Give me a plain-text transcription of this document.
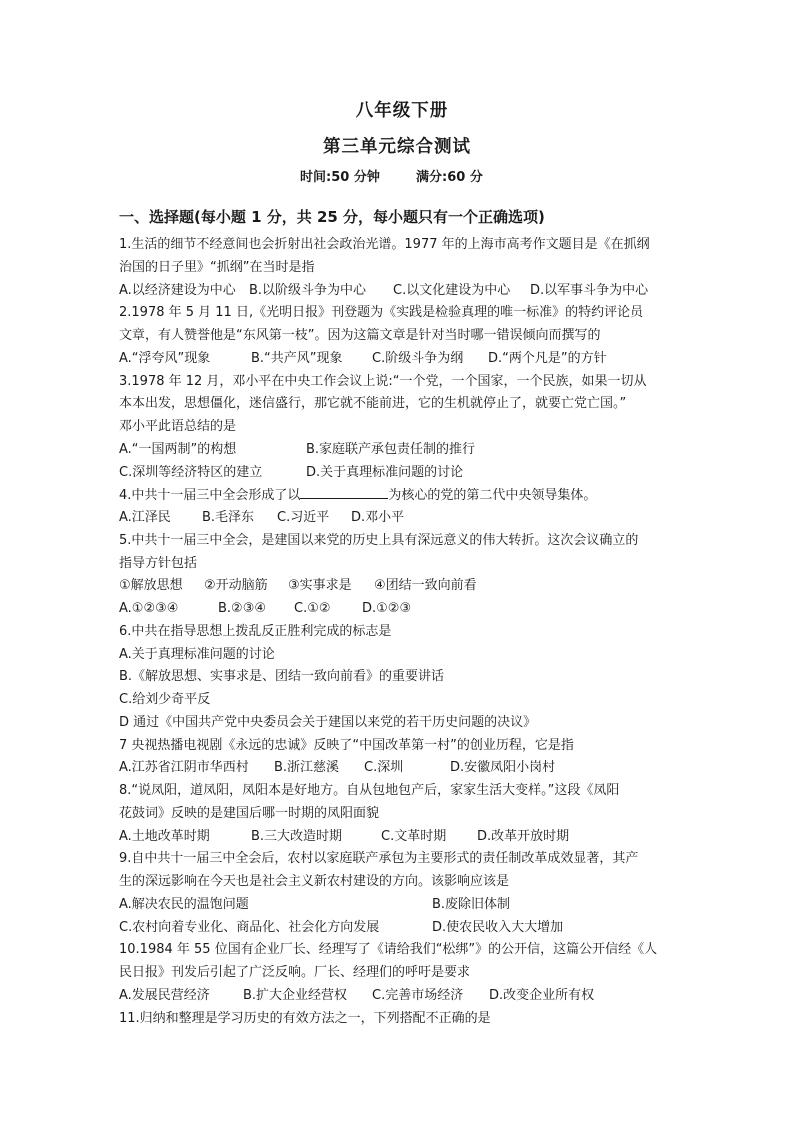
八年级下册
第三单元综合测试
时间:50 分钟	满分:60 分
一、选择题(每小题 1 分，共 25 分，每小题只有一个正确选项)
1.生活的细节不经意间也会折射出社会政治光谱。1977 年的上海市高考作文题目是《在抓纲
治国的日子里》“抓纲”在当时是指
A.以经济建设为中心 B.以阶级斗争为中心 C.以文化建设为中心 D.以军事斗争为中心
2.1978 年 5 月 11 日,《光明日报》刊登题为《实践是检验真理的唯一标准》的特约评论员
文章，有人赞誉他是“东风第一枝”。因为这篇文章是针对当时哪一错误倾向而撰写的
A.“浮夸风”现象	B.“共产风”现象 C.阶级斗争为纲 D.“两个凡是”的方针
3.1978 年 12 月，邓小平在中央工作会议上说:“一个党，一个国家，一个民族，如果一切从
本本出发，思想僵化，迷信盛行，那它就不能前进，它的生机就停止了，就要亡党亡国。”
邓小平此语总结的是
A.“一国两制”的构想	B.家庭联产承包责任制的推行
C.深圳等经济特区的建立	D.关于真理标准问题的讨论
4.中共十一届三中全会形成了以	为核心的党的第二代中央领导集体。
A.江泽民 B.毛泽东 C.习近平 D.邓小平
5.中共十一届三中全会，是建国以来党的历史上具有深远意义的伟大转折。这次会议确立的
指导方针包括
①解放思想 ②开动脑筋 ③实事求是 ④团结一致向前看
A.①②③④	B.②③④ C.①② D.①②③
6.中共在指导思想上拨乱反正胜利完成的标志是
A.关于真理标准问题的讨论
B.《解放思想、实事求是、团结一致向前看》的重要讲话
C.给刘少奇平反
D 通过《中国共产党中央委员会关于建国以来党的若干历史问题的决议》
7 央视热播电视剧《永远的忠诚》反映了“中国改革第一村”的创业历程，它是指
A.江苏省江阴市华西村 B.浙江慈溪 C.深圳	D.安徽凤阳小岗村
8.“说凤阳，道凤阳，凤阳本是好地方。自从包地包产后，家家生活大变样。”这段《凤阳
花鼓词》反映的是建国后哪一时期的凤阳面貌
A.土地改革时期	B.三大改造时期	C.文革时期 D.改革开放时期
9.自中共十一届三中全会后，农村以家庭联产承包为主要形式的责任制改革成效显著，其产
生的深远影响在今天也是社会主义新农村建设的方向。该影响应该是
A.解决农民的温饱问题	B.废除旧体制
C.农村向着专业化、商品化、社会化方向发展	D.使农民收入大大增加
10.1984 年 55 位国有企业厂长、经理写了《请给我们“松绑”》的公开信，这篇公开信经《人
民日报》刊发后引起了广泛反响。厂长、经理们的呼吁是要求
A.发展民营经济	B.扩大企业经营权 C.完善市场经济 D.改变企业所有权
11.归纳和整理是学习历史的有效方法之一，下列搭配不正确的是
